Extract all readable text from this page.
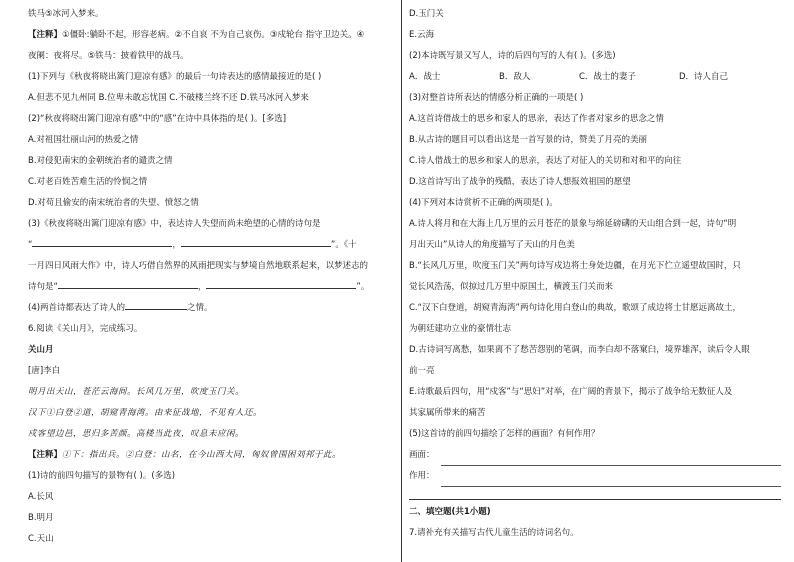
铁马⑤冰河入梦来。
【注释】①僵卧:躺卧不起，形容老病。②不自哀 不为自己哀伤。③戍轮台 指守卫边关。④
夜阑：夜将尽。⑤铁马：披着铁甲的战马。
(1)下列与《秋夜将晓出篱门迎凉有感》的最后一句诗表达的感情最接近的是( )
A.但悲不见九州同 B.位卑未敢忘忧国 C.不破楼兰终不还 D.铁马冰河入梦来
(2)“秋夜将晓出篱门迎凉有感”中的“感”在诗中具体指的是( )。[多选]
A.对祖国壮丽山河的热爱之情
B.对侵犯南宋的金朝统治者的谴责之情
C.对老百姓苦难生活的怜悯之情
D.对苟且偷安的南宋统治者的失望、愤怒之情
(3)《秋夜将晓出篱门迎凉有感》中，表达诗人失望而尚未绝望的心情的诗句是
“	，	”。《十
一月四日风雨大作》中，诗人巧借自然界的风雨把现实与梦境自然地联系起来，以梦述志的
诗句是“	，	”。
(4)两首诗都表达了诗人的	之情。
6.阅读《关山月》，完成练习。
关山月
[唐]李白
明月出天山，苍茫云海间。长风几万里，吹度玉门关。
汉下①白登②道，胡窥青海湾。由来征战地，不见有人还。
戍客望边邑，思归多苦颜。高楼当此夜，叹息未应闲。
【注释】①下：指出兵。②白登：山名，在今山西大同，匈奴曾围困刘邦于此。
(1)诗的前四句描写的景物有( )。(多选)
A.长风
B.明月
C.天山
D.玉门关
E.云海
(2)本诗既写景又写人，诗的后四句写的人有( )。(多选)
A．战士	B．敌人	C．战士的妻子	D．诗人自己
(3)对整首诗所表达的情感分析正确的一项是( )
A.这首诗借战士的思乡和家人的思亲，表达了作者对家乡的思念之情
B.从古诗的题目可以看出这是一首写景的诗，赞美了月亮的美丽
C.诗人借战士的思乡和家人的思亲，表达了对征人的关切和对和平的向往
D.这首诗写出了战争的残酷，表达了诗人想报效祖国的愿望
(4)下列对本诗赏析不正确的两项是( )。
A.诗人将月和在大海上几万里的云月苍茫的景象与绵延磅礴的天山组合到一起，诗句“明
月出天山”从诗人的角度描写了天山的月色美
B.“长风几万里，吹度玉门关”两句诗写戍边将士身处边疆，在月光下伫立遥望故国时，只
觉长风浩荡，似掠过几万里中原国土，横渡玉门关而来
C.“汉下白登道，胡窥青海湾”两句诗化用白登山的典故，歌颂了成边将士甘愿远离故土，
为朝廷建功立业的豪情壮志
D.古诗词写离愁，如果离不了愁苦怨别的笔调，而李白却不落窠臼，境界雄浑，读后令人眼
前一亮
E.诗歌最后四句，用“戍客”与“思妇”对举，在广阔的背景下，揭示了战争给无数征人及
其家属所带来的痛苦
(5)这首诗的前四句描绘了怎样的画面？有何作用？
画面：
作用：
二、填空题(共1小题)
7.请补充有关描写古代儿童生活的诗词名句。
